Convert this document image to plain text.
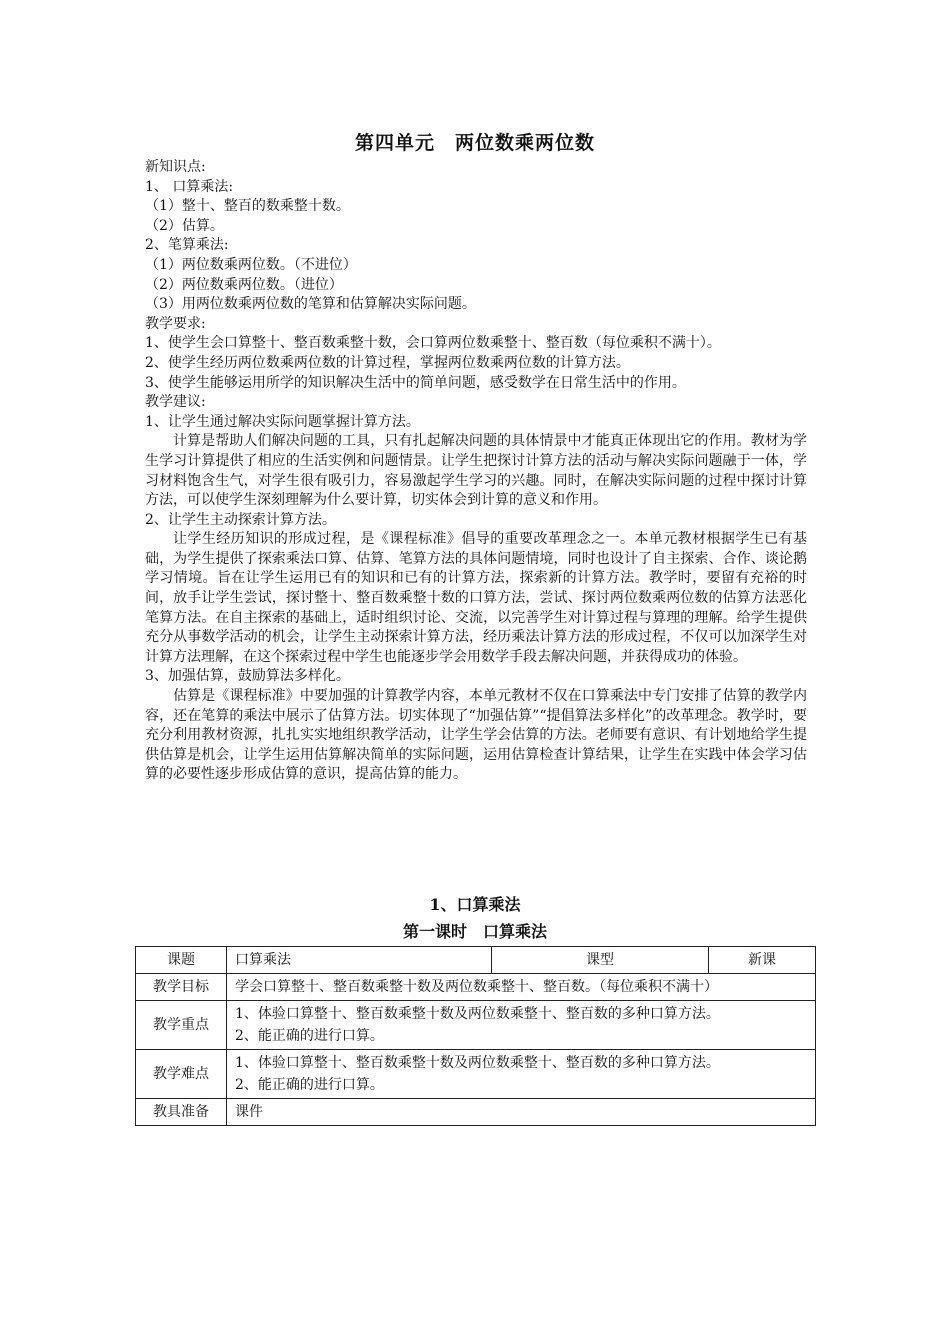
第四单元　两位数乘两位数

新知识点:

1、 口算乘法:

（1）整十、整百的数乘整十数。

（2）估算。

2、笔算乘法:

（1）两位数乘两位数。（不进位）

（2）两位数乘两位数。（进位）

（3）用两位数乘两位数的笔算和估算解决实际问题。

教学要求:

1、使学生会口算整十、整百数乘整十数，会口算两位数乘整十、整百数（每位乘积不满十）。

2、使学生经历两位数乘两位数的计算过程，掌握两位数乘两位数的计算方法。

3、使学生能够运用所学的知识解决生活中的简单问题，感受数学在日常生活中的作用。

教学建议:

1、让学生通过解决实际问题掌握计算方法。

计算是帮助人们解决问题的工具，只有扎起解决问题的具体情景中才能真正体现出它的作用。教材为学生学习计算提供了相应的生活实例和问题情景。让学生把探讨计算方法的活动与解决实际问题融于一体，学习材料饱含生气，对学生很有吸引力，容易激起学生学习的兴趣。同时，在解决实际问题的过程中探讨计算方法，可以使学生深刻理解为什么要计算，切实体会到计算的意义和作用。

2、让学生主动探索计算方法。

让学生经历知识的形成过程，是《课程标准》倡导的重要改革理念之一。本单元教材根据学生已有基础，为学生提供了探索乘法口算、估算、笔算方法的具体问题情境，同时也设计了自主探索、合作、谈论鹅学习情境。旨在让学生运用已有的知识和已有的计算方法，探索新的计算方法。教学时，要留有充裕的时间，放手让学生尝试，探讨整十、整百数乘整十数的口算方法，尝试、探讨两位数乘两位数的估算方法恶化笔算方法。在自主探索的基础上，适时组织讨论、交流，以完善学生对计算过程与算理的理解。给学生提供充分从事数学活动的机会，让学生主动探索计算方法，经历乘法计算方法的形成过程，不仅可以加深学生对计算方法理解，在这个探索过程中学生也能逐步学会用数学手段去解决问题，并获得成功的体验。

3、加强估算，鼓励算法多样化。

估算是《课程标准》中要加强的计算教学内容，本单元教材不仅在口算乘法中专门安排了估算的教学内容，还在笔算的乘法中展示了估算方法。切实体现了“加强估算”“提倡算法多样化”的改革理念。教学时，要充分利用教材资源，扎扎实实地组织教学活动，让学生学会估算的方法。老师要有意识、有计划地给学生提供估算是机会，让学生运用估算解决简单的实际问题，运用估算检查计算结果，让学生在实践中体会学习估算的必要性逐步形成估算的意识，提高估算的能力。

1、口算乘法
第一课时　口算乘法
课题	口算乘法	课型	新课
教学目标	学会口算整十、整百数乘整十数及两位数乘整十、整百数。（每位乘积不满十）		
教学重点	1、体验口算整十、整百数乘整十数及两位数乘整十、整百数的多种口算方法。
2、能正确的进行口算。		

教学难点	1、体验口算整十、整百数乘整十数及两位数乘整十、整百数的多种口算方法。
2、能正确的进行口算。		

教具准备	课件		
